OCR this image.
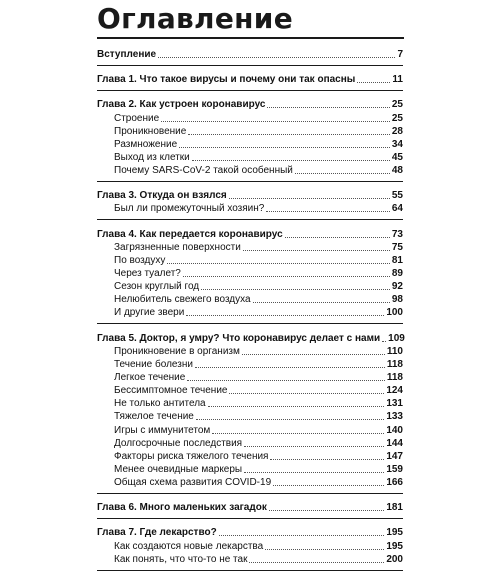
Оглавление
Вступление	7
Глава 1. Что такое вирусы и почему они так опасны	11
Глава 2. Как устроен коронавирус	25
Строение	25
Проникновение	28
Размножение	34
Выход из клетки	45
Почему SARS-CoV-2 такой особенный	48
Глава 3. Откуда он взялся	55
Был ли промежуточный хозяин?	64
Глава 4. Как передается коронавирус	73
Загрязненные поверхности	75
По воздуху	81
Через туалет?	89
Сезон круглый год	92
Нелюбитель свежего воздуха	98
И другие звери	100
Глава 5. Доктор, я умру? Что коронавирус делает с нами 109
Проникновение в организм	110
Течение болезни	118
Легкое течение	118
Бессимптомное течение	124
Не только антитела	131
Тяжелое течение	133
Игры с иммунитетом	140
Долгосрочные последствия	144
Факторы риска тяжелого течения	147
Менее очевидные маркеры	159
Общая схема развития COVID-19	166
Глава 6. Много маленьких загадок	181
Глава 7. Где лекарство?	195
Как создаются новые лекарства	195
Как понять, что что-то не так	200
